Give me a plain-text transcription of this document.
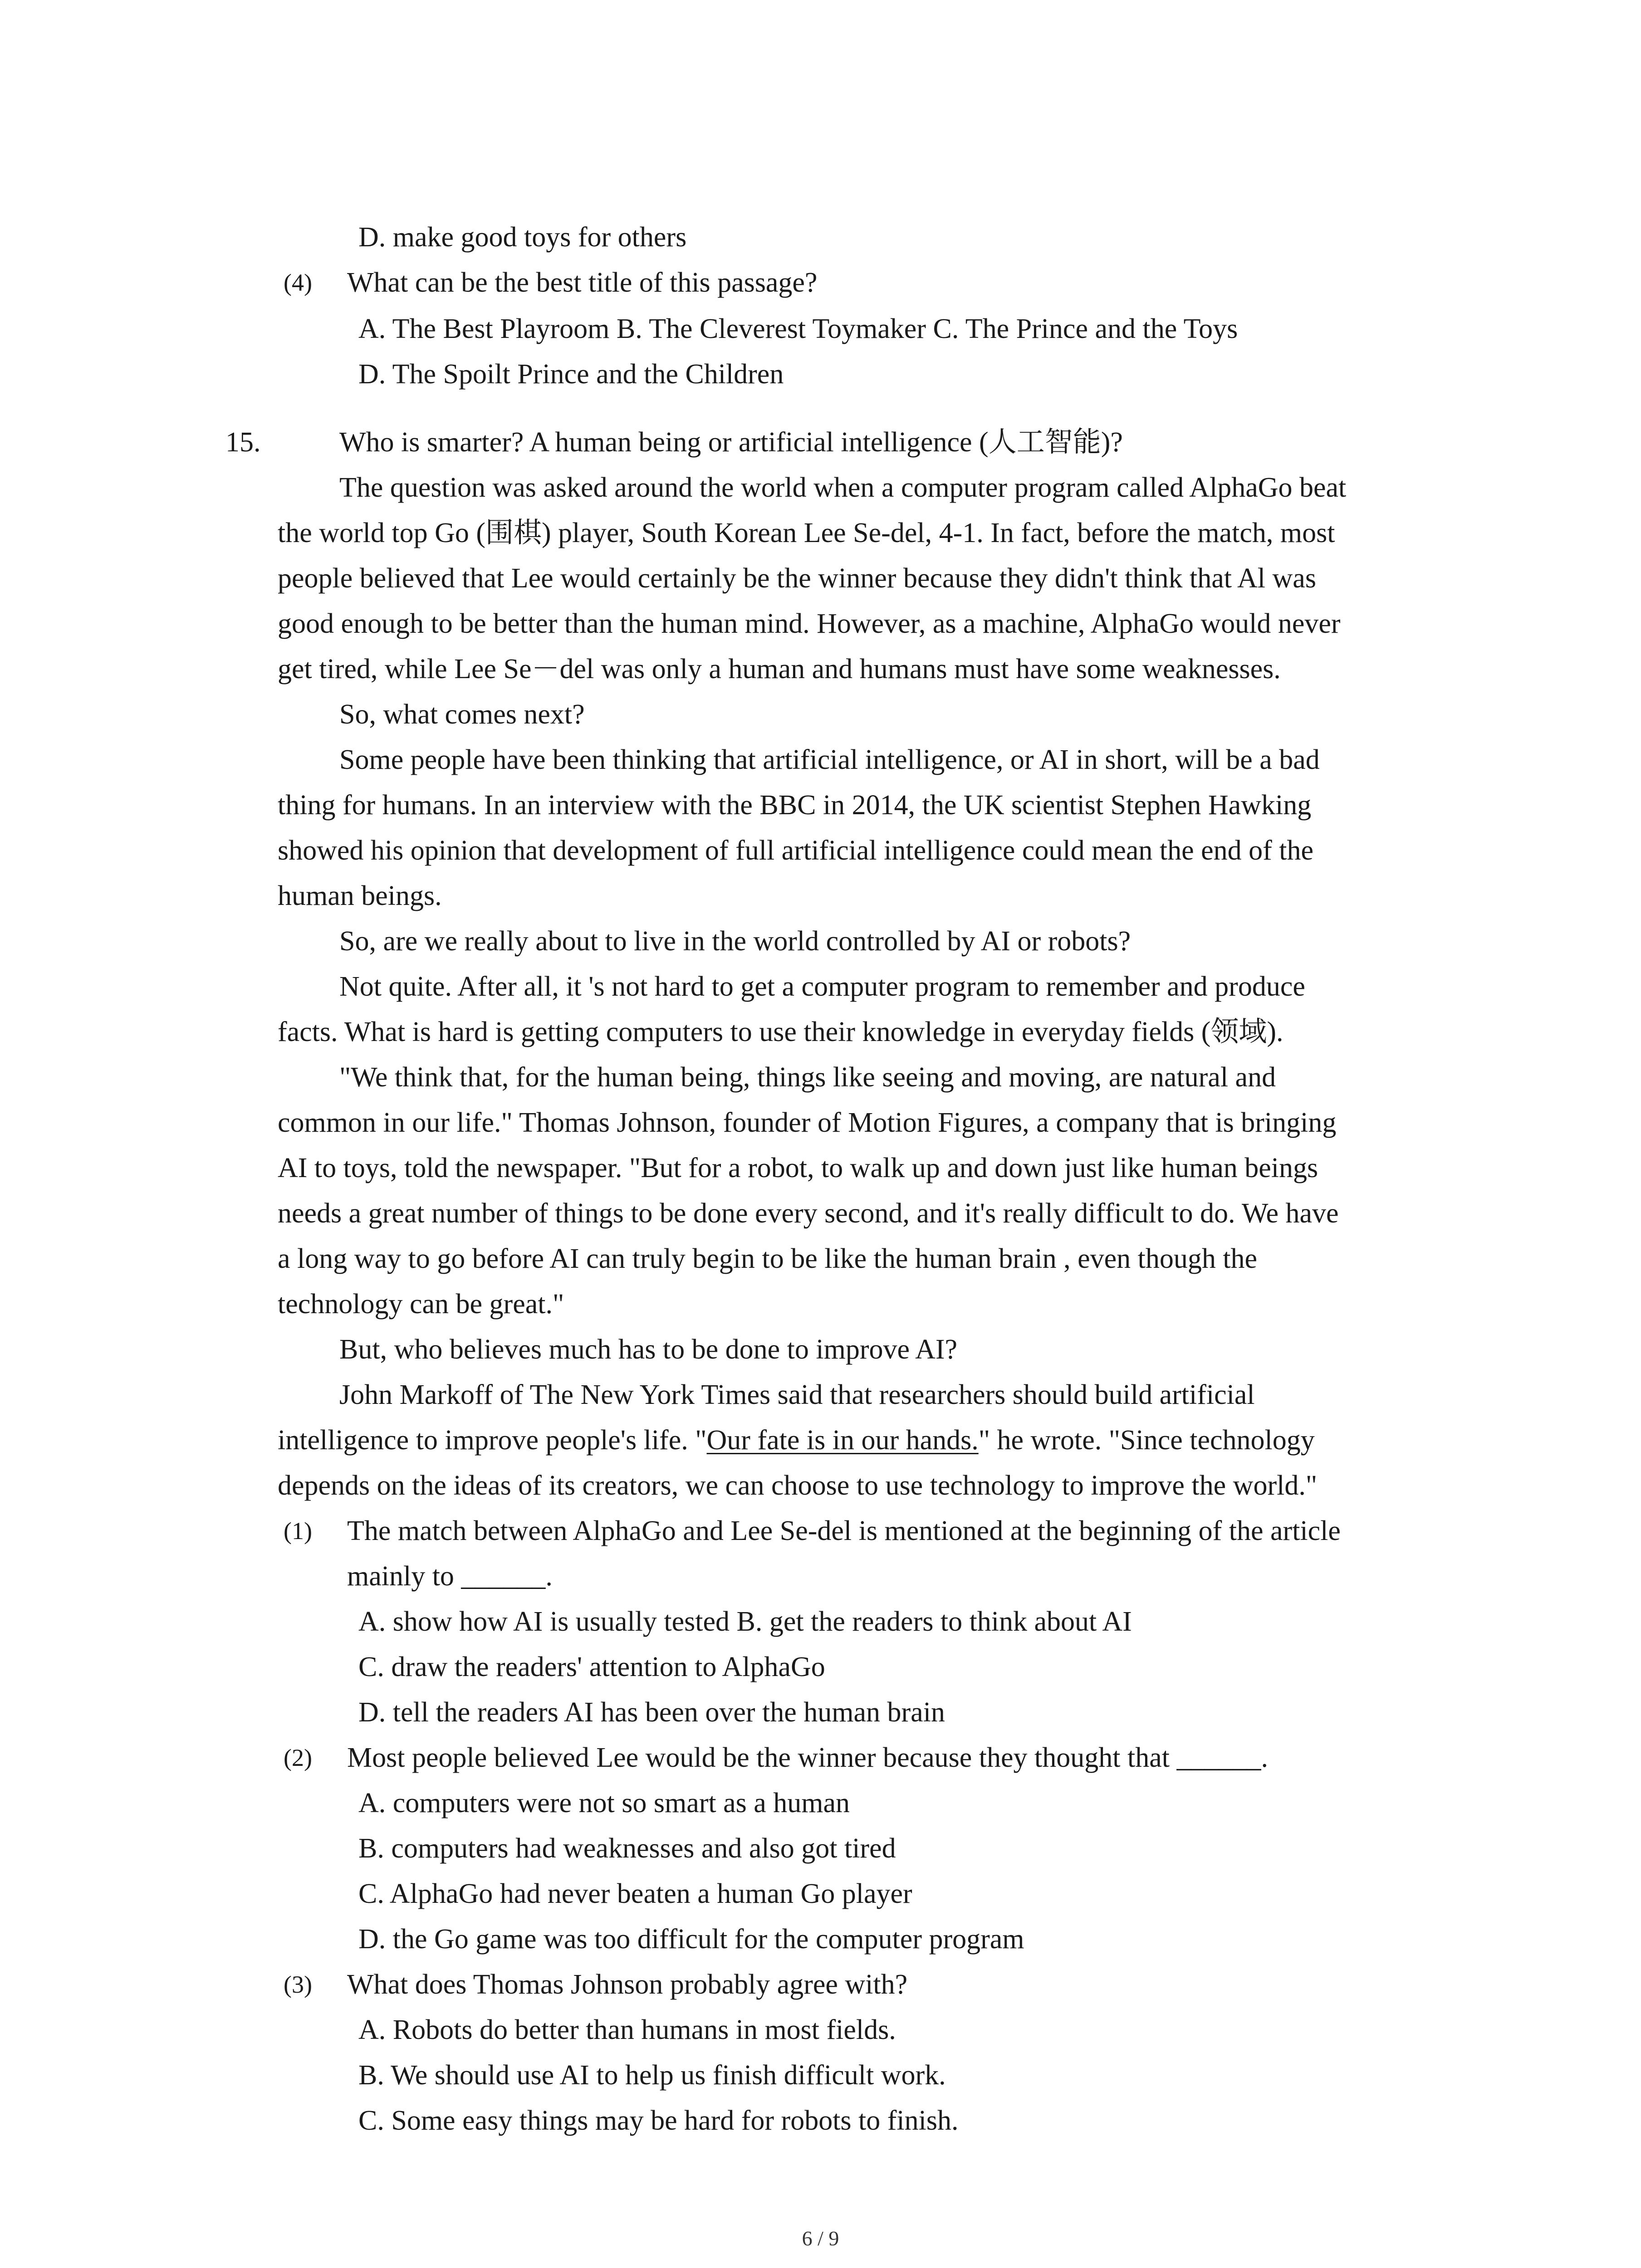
D. make good toys for others
(4) What can be the best title of this passage?
A. The Best Playroom B. The Cleverest Toymaker C. The Prince and the Toys
D. The Spoilt Prince and the Children
15.	Who is smarter? A human being or artificial intelligence (人工智能)?
The question was asked around the world when a computer program called AlphaGo beat
the world top Go (围棋) player, South Korean Lee Se-del, 4-1. In fact, before the match, most
people believed that Lee would certainly be the winner because they didn't think that Al was
good enough to be better than the human mind. However, as a machine, AlphaGo would never
get tired, while Lee Se－del was only a human and humans must have some weaknesses.
So, what comes next?
Some people have been thinking that artificial intelligence, or AI in short, will be a bad
thing for humans. In an interview with the BBC in 2014, the UK scientist Stephen Hawking
showed his opinion that development of full artificial intelligence could mean the end of the
human beings.
So, are we really about to live in the world controlled by AI or robots?
Not quite. After all, it 's not hard to get a computer program to remember and produce
facts. What is hard is getting computers to use their knowledge in everyday fields (领域).
"We think that, for the human being, things like seeing and moving, are natural and
common in our life." Thomas Johnson, founder of Motion Figures, a company that is bringing
AI to toys, told the newspaper. "But for a robot, to walk up and down just like human beings
needs a great number of things to be done every second, and it's really difficult to do. We have
a long way to go before AI can truly begin to be like the human brain , even though the
technology can be great."
But, who believes much has to be done to improve AI?
John Markoff of The New York Times said that researchers should build artificial
intelligence to improve people's life. "Our fate is in our hands." he wrote. "Since technology
depends on the ideas of its creators, we can choose to use technology to improve the world."
(1) The match between AlphaGo and Lee Se-del is mentioned at the beginning of the article
mainly to ______.
A. show how AI is usually tested B. get the readers to think about AI
C. draw the readers' attention to AlphaGo
D. tell the readers AI has been over the human brain
(2) Most people believed Lee would be the winner because they thought that ______.
A. computers were not so smart as a human
B. computers had weaknesses and also got tired
C. AlphaGo had never beaten a human Go player
D. the Go game was too difficult for the computer program
(3) What does Thomas Johnson probably agree with?
A. Robots do better than humans in most fields.
B. We should use AI to help us finish difficult work.
C. Some easy things may be hard for robots to finish.
6 / 9
